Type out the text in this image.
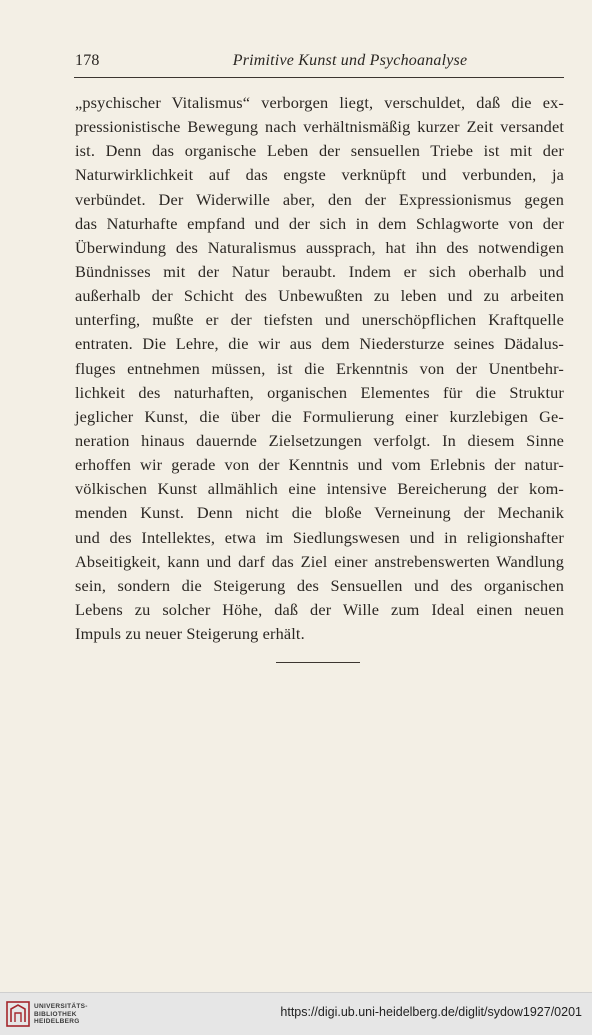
178	Primitive Kunst und Psychoanalyse
„psychischer Vitalismus“ verborgen liegt, verschuldet, daß die ex-
pressionistische Bewegung nach verhältnismäßig kurzer Zeit versandet
ist. Denn das organische Leben der sensuellen Triebe ist mit der
Naturwirklichkeit auf das engste verknüpft und verbunden, ja
verbündet. Der Widerwille aber, den der Expressionismus gegen
das Naturhafte empfand und der sich in dem Schlagworte von der
Überwindung des Naturalismus aussprach, hat ihn des notwendigen
Bündnisses mit der Natur beraubt. Indem er sich oberhalb und
außerhalb der Schicht des Unbewußten zu leben und zu arbeiten
unterfing, mußte er der tiefsten und unerschöpflichen Kraftquelle
entraten. Die Lehre, die wir aus dem Niedersturze seines Dädalus-
fluges entnehmen müssen, ist die Erkenntnis von der Unentbehr-
lichkeit des naturhaften, organischen Elementes für die Struktur
jeglicher Kunst, die über die Formulierung einer kurzlebigen Ge-
neration hinaus dauernde Zielsetzungen verfolgt. In diesem Sinne
erhoffen wir gerade von der Kenntnis und vom Erlebnis der natur-
völkischen Kunst allmählich eine intensive Bereicherung der kom-
menden Kunst. Denn nicht die bloße Verneinung der Mechanik
und des Intellektes, etwa im Siedlungswesen und in religionshafter
Abseitigkeit, kann und darf das Ziel einer anstrebenswerten Wandlung
sein, sondern die Steigerung des Sensuellen und des organischen
Lebens zu solcher Höhe, daß der Wille zum Ideal einen neuen
Impuls zu neuer Steigerung erhält.
UNIVERSITÄTS-
BIBLIOTHEK
HEIDELBERG
https://digi.ub.uni-heidelberg.de/diglit/sydow1927/0201
